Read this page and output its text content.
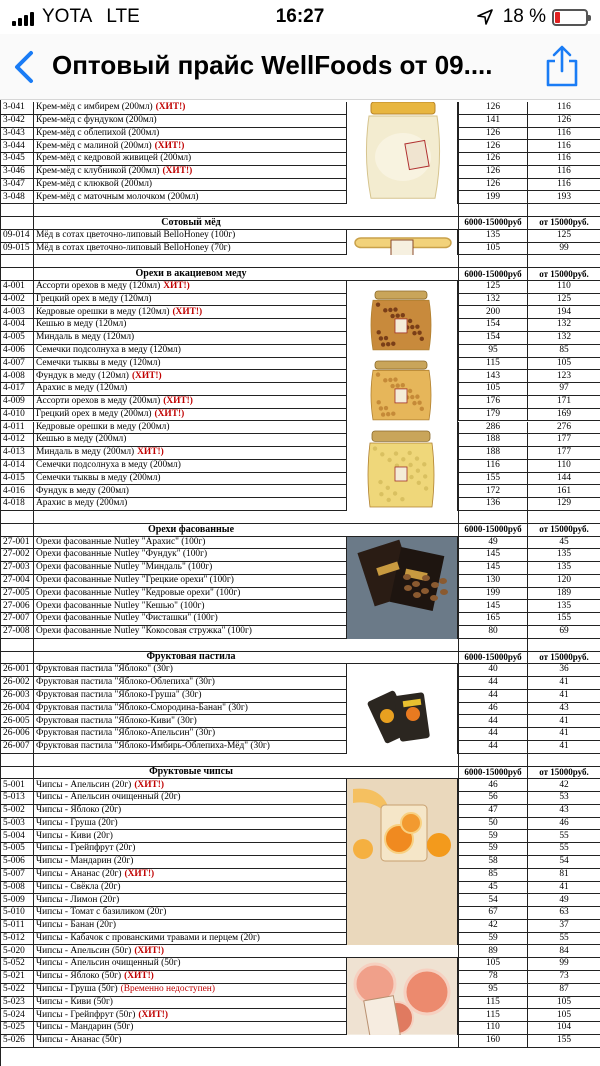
YOTA LTE	16:27	18 %
Оптовый прайс WellFoods от 09....
3-041 Крем-мёд с имбирем (200мл) (ХИТ!)	126	116
3-042 Крем-мёд с фундуком (200мл)	141	126
3-043 Крем-мёд с облепихой (200мл)	126	116
3-044 Крем-мёд с малиной (200мл) (ХИТ!)	126	116
3-045 Крем-мёд с кедровой живицей (200мл)	126	116
3-046 Крем-мёд с клубникой (200мл) (ХИТ!)	126	116
3-047 Крем-мёд с клюквой (200мл)	126	116
3-048 Крем-мёд с маточным молочком (200мл)	199	193
Сотовый мёд	6000-15000руб от 15000руб.
09-014 Мёд в сотах цветочно-липовый BelloHoney (100г)	135	125
09-015 Мёд в сотах цветочно-липовый BelloHoney (70г)	105	99
Орехи в акациевом меду	6000-15000руб от 15000руб.
4-001 Ассорти орехов в меду (120мл) ХИТ!)	125	110
4-002 Грецкий орех в меду (120мл)	132	125
4-003 Кедровые орешки в меду (120мл) (ХИТ!)	200	194
4-004 Кешью в меду (120мл)	154	132
4-005 Миндаль в меду (120мл)	154	132
4-006 Семечки подсолнуха в меду (120мл)	95	85
4-007 Семечки тыквы в меду (120мл)	115	105
4-008 Фундук в меду (120мл) (ХИТ!)	143	123
4-017 Арахис в меду (120мл)	105	97
4-009 Ассорти орехов в меду (200мл) (ХИТ!)	176	171
4-010 Грецкий орех в меду (200мл) (ХИТ!)	179	169
4-011 Кедровые орешки в меду (200мл)	286	276
4-012 Кешью в меду (200мл)	188	177
4-013 Миндаль в меду (200мл) ХИТ!)	188	177
4-014 Семечки подсолнуха в меду (200мл)	116	110
4-015 Семечки тыквы в меду (200мл)	155	144
4-016 Фундук в меду (200мл)	172	161
4-018 Арахис в меду (200мл)	136	129
Орехи фасованные	6000-15000руб от 15000руб.
27-001 Орехи фасованные Nutley "Арахис" (100г)	49	45
27-002 Орехи фасованные Nutley "Фундук" (100г)	145	135
27-003 Орехи фасованные Nutley "Миндаль" (100г)	145	135
27-004 Орехи фасованные Nutley "Грецкие орехи" (100г)	130	120
27-005 Орехи фасованные Nutley "Кедровые орехи" (100г)	199	189
27-006 Орехи фасованные Nutley "Кешью" (100г)	145	135
27-007 Орехи фасованные Nutley "Фисташки" (100г)	165	155
27-008 Орехи фасованные Nutley "Кокосовая стружка" (100г)	80	69
Фруктовая пастила	6000-15000руб от 15000руб.
26-001 Фруктовая пастила "Яблоко" (30г)	40	36
26-002 Фруктовая пастила "Яблоко-Облепиха" (30г)	44	41
26-003 Фруктовая пастила "Яблоко-Груша" (30г)	44	41
26-004 Фруктовая пастила "Яблоко-Смородина-Банан" (30г)	46	43
26-005 Фруктовая пастила "Яблоко-Киви" (30г)	44	41
26-006 Фруктовая пастила "Яблоко-Апельсин" (30г)	44	41
26-007 Фруктовая пастила "Яблоко-Имбирь-Облепиха-Мёд" (30г)	44	41
Фруктовые чипсы	6000-15000руб от 15000руб.
5-001 Чипсы - Апельсин (20г) (ХИТ!)	46	42
5-013 Чипсы - Апельсин очищенный (20г)	56	53
5-002 Чипсы - Яблоко (20г)	47	43
5-003 Чипсы - Груша (20г)	50	46
5-004 Чипсы - Киви (20г)	59	55
5-005 Чипсы - Грейпфрут (20г)	59	55
5-006 Чипсы - Мандарин (20г)	58	54
5-007 Чипсы - Ананас (20г) (ХИТ!)	85	81
5-008 Чипсы - Свёкла (20г)	45	41
5-009 Чипсы - Лимон (20г)	54	49
5-010 Чипсы - Томат с базиликом (20г)	67	63
5-011 Чипсы - Банан (20г)	42	37
5-012 Чипсы - Кабачок с прованскими травами и перцем (20г)	59	55
5-020 Чипсы - Апельсин (50г) (ХИТ!)	89	84
5-052 Чипсы - Апельсин очищенный (50г)	105	99
5-021 Чипсы - Яблоко (50г) (ХИТ!)	78	73
5-022 Чипсы - Груша (50г) (Временно недоступен)	95	87
5-023 Чипсы - Киви (50г)	115	105
5-024 Чипсы - Грейпфрут (50г) (ХИТ!)	115	105
5-025 Чипсы - Мандарин (50г)	110	104
5-026 Чипсы - Ананас (50г)	160	155
